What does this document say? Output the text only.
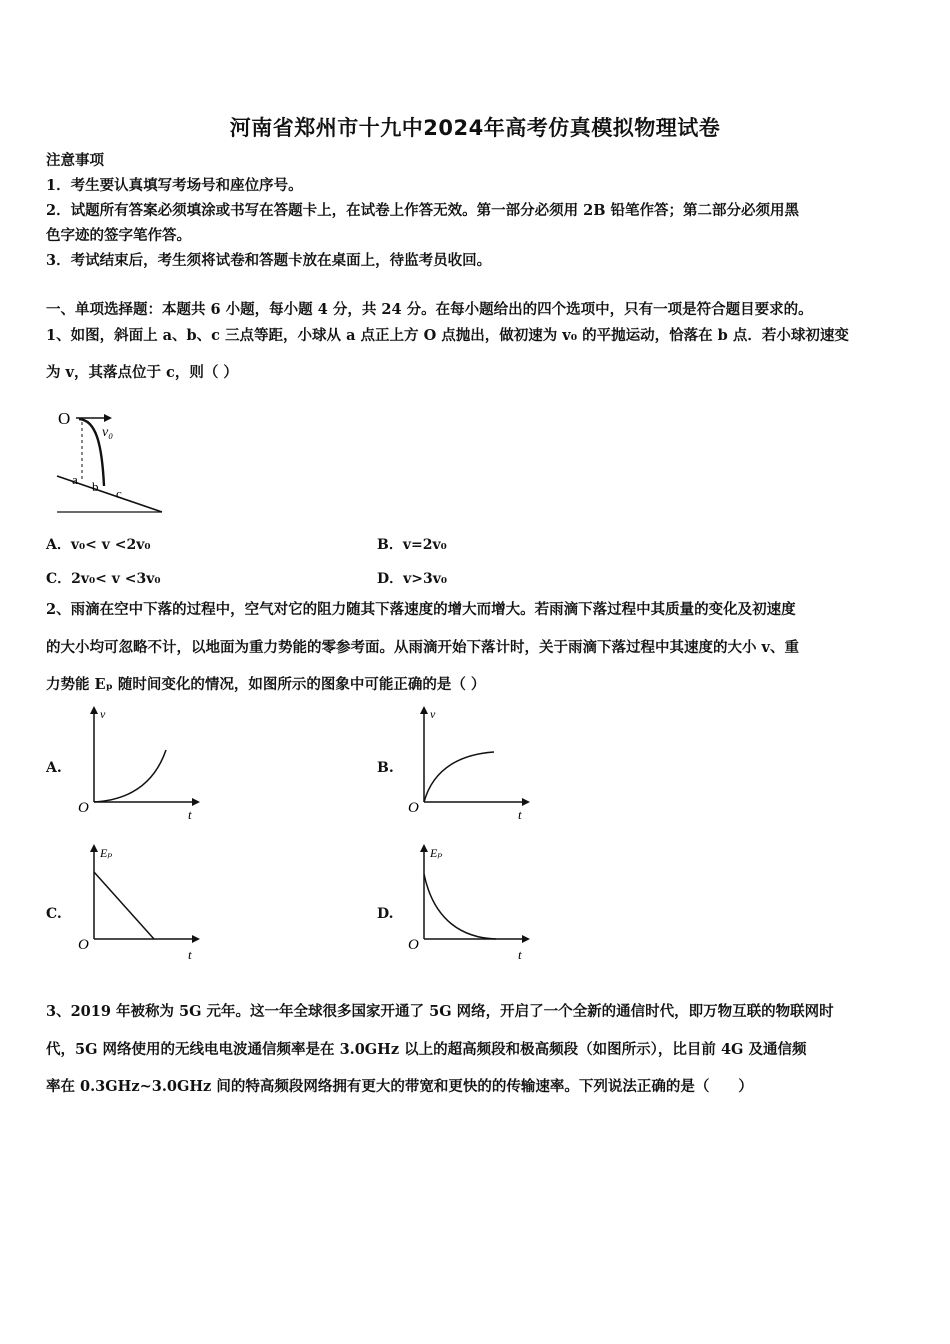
河南省郑州市十九中2024年高考仿真模拟物理试卷
注意事项
1．考生要认真填写考场号和座位序号。
2．试题所有答案必须填涂或书写在答题卡上，在试卷上作答无效。第一部分必须用 2B 铅笔作答；第二部分必须用黑
色字迹的签字笔作答。
3．考试结束后，考生须将试卷和答题卡放在桌面上，待监考员收回。
一、单项选择题：本题共 6 小题，每小题 4 分，共 24 分。在每小题给出的四个选项中，只有一项是符合题目要求的。
1、如图，斜面上 a、b、c 三点等距，小球从 a 点正上方 O 点抛出，做初速为 v₀ 的平抛运动，恰落在 b 点．若小球初速变
为 v，其落点位于 c，则（ ）
O
v₀
a b c
A．v₀< v <2v₀	B．v=2v₀
C．2v₀< v <3v₀	D．v>3v₀
2、雨滴在空中下落的过程中，空气对它的阻力随其下落速度的增大而增大。若雨滴下落过程中其质量的变化及初速度
的大小均可忽略不计，以地面为重力势能的零参考面。从雨滴开始下落计时，关于雨滴下落过程中其速度的大小 v、重
力势能 Eₚ 随时间变化的情况，如图所示的图象中可能正确的是（ ）
A.
v
t
O
B.
v
t
O
C.
Eₚ
t
O
D.
Eₚ
t
O
3、2019 年被称为 5G 元年。这一年全球很多国家开通了 5G 网络，开启了一个全新的通信时代，即万物互联的物联网时
代，5G 网络使用的无线电电波通信频率是在 3.0GHz 以上的超高频段和极高频段（如图所示），比目前 4G 及通信频
率在 0.3GHz~3.0GHz 间的特高频段网络拥有更大的带宽和更快的的传输速率。下列说法正确的是（　　）
